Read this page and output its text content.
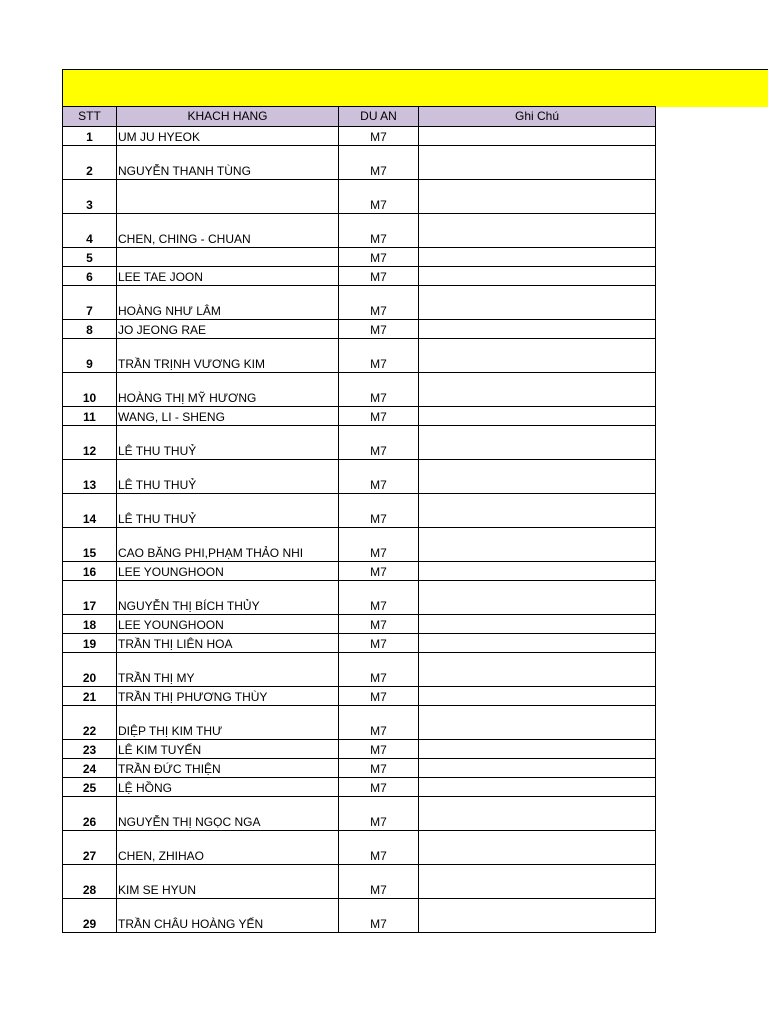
STT	KHACH HANG	DU AN	Ghi Chú
1	UM JU HYEOK	M7	
2	NGUYỄN THANH TÙNG	M7	
3		M7	
4	CHEN, CHING - CHUAN	M7	
5		M7	
6	LEE TAE JOON	M7	
7	HOÀNG NHƯ LÂM	M7	
8	JO JEONG RAE	M7	
9	TRẦN TRỊNH VƯƠNG KIM	M7	
10	HOÀNG THỊ MỸ HƯƠNG	M7	
11	WANG, LI - SHENG	M7	
12	LÊ THU THUỶ	M7	
13	LÊ THU THUỶ	M7	
14	LÊ THU THUỶ	M7	
15	CAO BĂNG PHI,PHẠM THẢO NHI	M7	
16	LEE YOUNGHOON	M7	
17	NGUYỄN THỊ BÍCH THỦY	M7	
18	LEE YOUNGHOON	M7	
19	TRẦN THỊ LIÊN HOA	M7	
20	TRẦN THỊ MY	M7	
21	TRẦN THỊ PHƯƠNG THÙY	M7	
22	DIỆP THỊ KIM THƯ	M7	
23	LÊ KIM TUYẾN	M7	
24	TRẦN ĐỨC THIỆN	M7	
25	LỆ HỒNG	M7	
26	NGUYỄN THỊ NGỌC NGA	M7	
27	CHEN, ZHIHAO	M7	
28	KIM SE HYUN	M7	
29	TRẦN CHÂU HOÀNG YẾN	M7	
